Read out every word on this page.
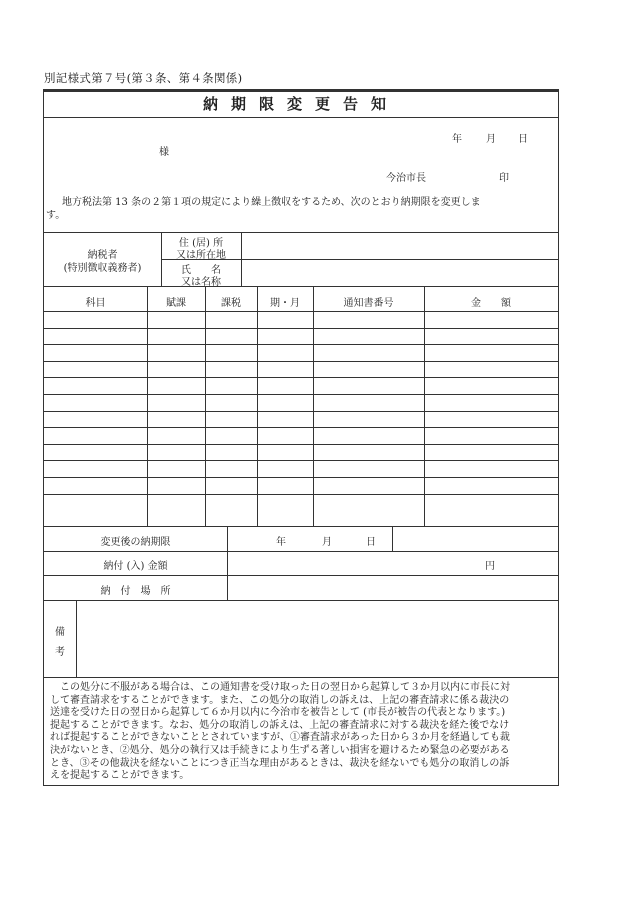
別記様式第７号(第３条、第４条関係)
納期限変更告知
年 月 日
様
今治市長	印
地方税法第 13 条の２第１項の規定により繰上徴収をするため、次のとおり納期限を変更しま
す。
納税者
(特別徴収義務者)
住 (居) 所
又は所在地
氏　　名
又は名称
科目	賦課	課税	期・月	通知書番号	金　　額
変更後の納期限	年	月	日
納付 (入) 金額	円
納　付　場　所
備
考
この処分に不服がある場合は、この通知書を受け取った日の翌日から起算して３か月以内に市長に対
して審査請求をすることができます。また、この処分の取消しの訴えは、上記の審査請求に係る裁決の
送達を受けた日の翌日から起算して６か月以内に今治市を被告として (市長が被告の代表となります。)
提起することができます。なお、処分の取消しの訴えは、上記の審査請求に対する裁決を経た後でなけ
れば提起することができないこととされていますが、①審査請求があった日から３か月を経過しても裁
決がないとき、②処分、処分の執行又は手続きにより生ずる著しい損害を避けるため緊急の必要がある
とき、③その他裁決を経ないことにつき正当な理由があるときは、裁決を経ないでも処分の取消しの訴
えを提起することができます。
